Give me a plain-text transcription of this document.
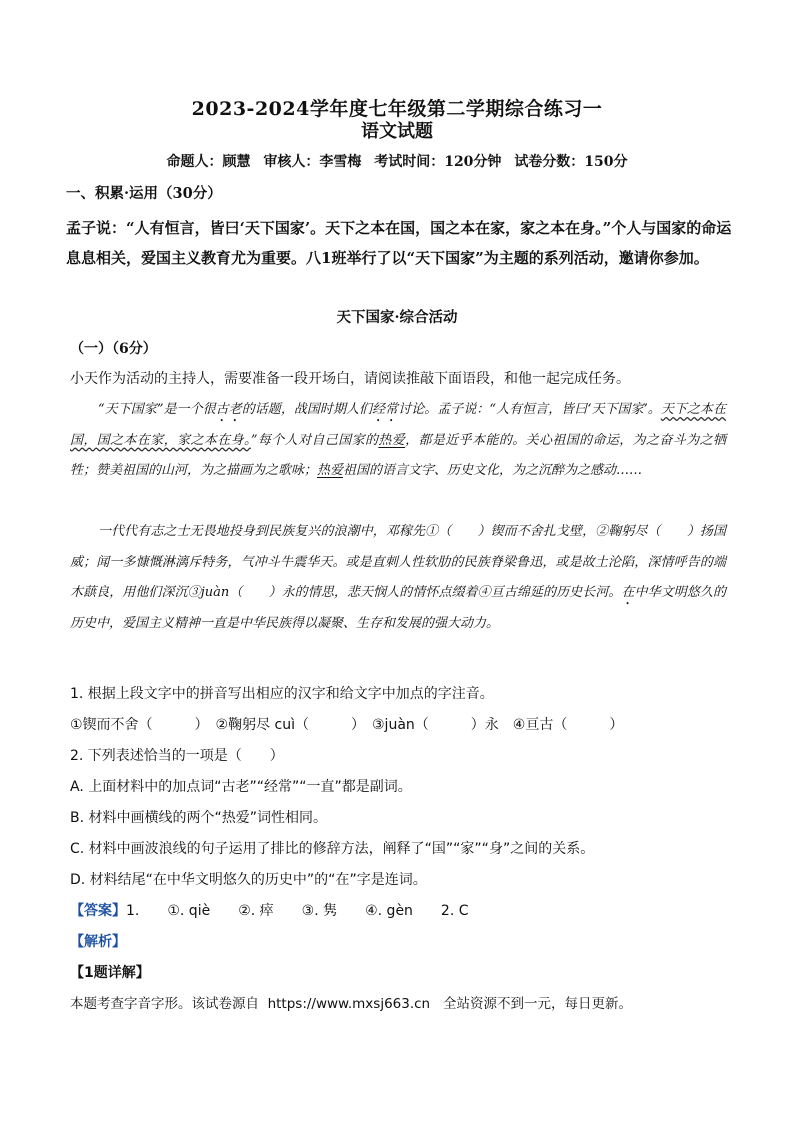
2023-2024学年度七年级第二学期综合练习一
语文试题
命题人：顾慧 审核人：李雪梅 考试时间：120分钟 试卷分数：150分
一、积累·运用（30分）
孟子说：“人有恒言，皆曰‘天下国家’。天下之本在国，国之本在家，家之本在身。”个人与国家的命运息息相关，爱国主义教育尤为重要。八1班举行了以“天下国家”为主题的系列活动，邀请你参加。
天下国家·综合活动
（一）（6分）
小天作为活动的主持人，需要准备一段开场白，请阅读推敲下面语段，和他一起完成任务。
“天下国家”是一个很古老的话题，战国时期人们经常讨论。孟子说：“人有恒言，皆曰‘天下国家’。天下之本在国，国之本在家，家之本在身。”每个人对自己国家的热爱，都是近乎本能的。关心祖国的命运，为之奋斗为之牺牲；赞美祖国的山河，为之描画为之歌咏；热爱祖国的语言文字、历史文化，为之沉醉为之感动……
一代代有志之士无畏地投身到民族复兴的浪潮中，邓稼先①（　　）锲而不舍扎戈壁，②鞠躬尽（　　）扬国威；闻一多慷慨淋漓斥特务，气冲斗牛震华天。或是直刺人性软肋的民族脊梁鲁迅，或是故土沦陷，深情呼告的端木蕻良，用他们深沉③juàn（　　）永的情思，悲天悯人的情怀点缀着④亘古绵延的历史长河。在中华文明悠久的历史中，爱国主义精神一直是中华民族得以凝聚、生存和发展的强大动力。
1. 根据上段文字中的拼音写出相应的汉字和给文字中加点的字注音。
①锲而不舍（　　　）　②鞠躬尽 cuì（　　　）　③juàn（　　　）永　④亘古（　　　）
2. 下列表述恰当的一项是（　　）
A. 上面材料中的加点词“古老”“经常”“一直”都是副词。
B. 材料中画横线的两个“热爱”词性相同。
C. 材料中画波浪线的句子运用了排比的修辞方法，阐释了“国”“家”“身”之间的关系。
D. 材料结尾“在中华文明悠久的历史中”的“在”字是连词。
【答案】1.　　①. qiè　　②. 瘁　　③. 隽　　④. gèn　　2. C
【解析】
【1题详解】
本题考查字音字形。该试卷源自  https://www.mxsj663.cn   全站资源不到一元，每日更新。
